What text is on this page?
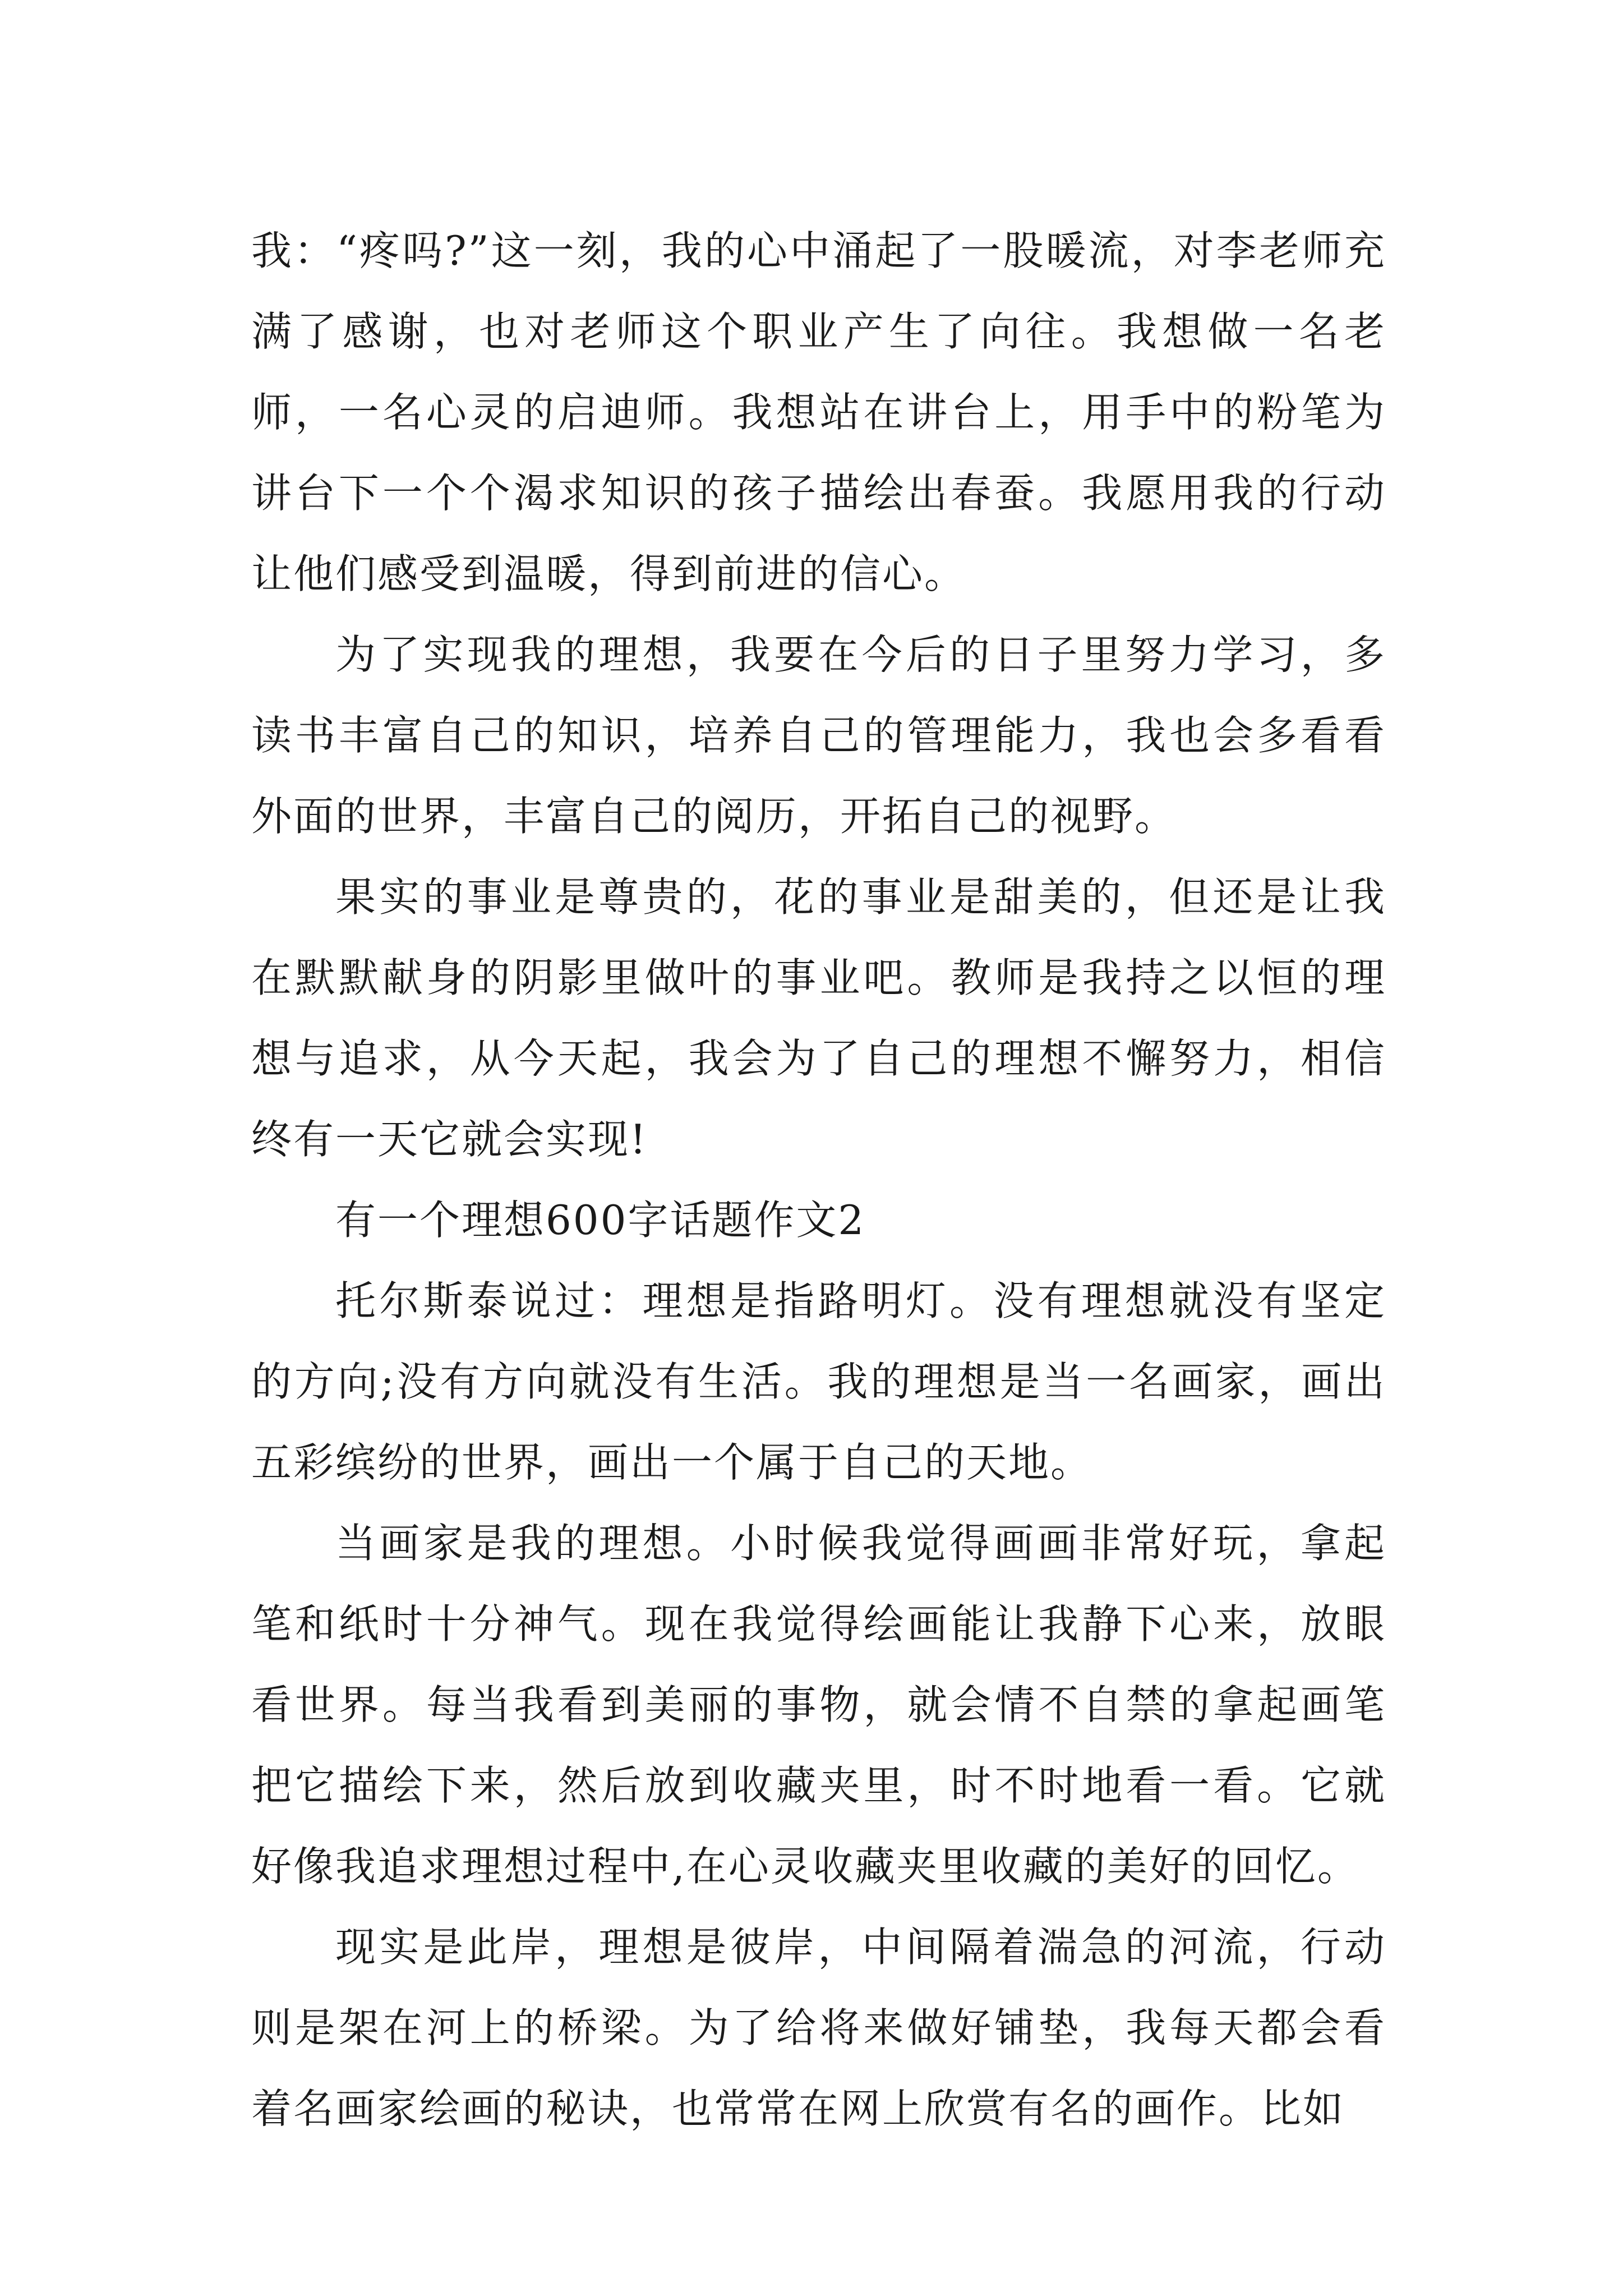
我：“疼吗?”这一刻，我的心中涌起了一股暖流，对李老师充满了感谢，也对老师这个职业产生了向往。我想做一名老师，一名心灵的启迪师。我想站在讲台上，用手中的粉笔为讲台下一个个渴求知识的孩子描绘出春蚕。我愿用我的行动让他们感受到温暖，得到前进的信心。

为了实现我的理想，我要在今后的日子里努力学习，多读书丰富自己的知识，培养自己的管理能力，我也会多看看外面的世界，丰富自己的阅历，开拓自己的视野。

果实的事业是尊贵的，花的事业是甜美的，但还是让我在默默献身的阴影里做叶的事业吧。教师是我持之以恒的理想与追求，从今天起，我会为了自己的理想不懈努力，相信终有一天它就会实现!

有一个理想600字话题作文2

托尔斯泰说过：理想是指路明灯。没有理想就没有坚定的方向;没有方向就没有生活。我的理想是当一名画家，画出五彩缤纷的世界，画出一个属于自己的天地。

当画家是我的理想。小时候我觉得画画非常好玩，拿起笔和纸时十分神气。现在我觉得绘画能让我静下心来，放眼看世界。每当我看到美丽的事物，就会情不自禁的拿起画笔把它描绘下来，然后放到收藏夹里，时不时地看一看。它就好像我追求理想过程中,在心灵收藏夹里收藏的美好的回忆。

现实是此岸，理想是彼岸，中间隔着湍急的河流，行动则是架在河上的桥梁。为了给将来做好铺垫，我每天都会看着名画家绘画的秘诀，也常常在网上欣赏有名的画作。比如
